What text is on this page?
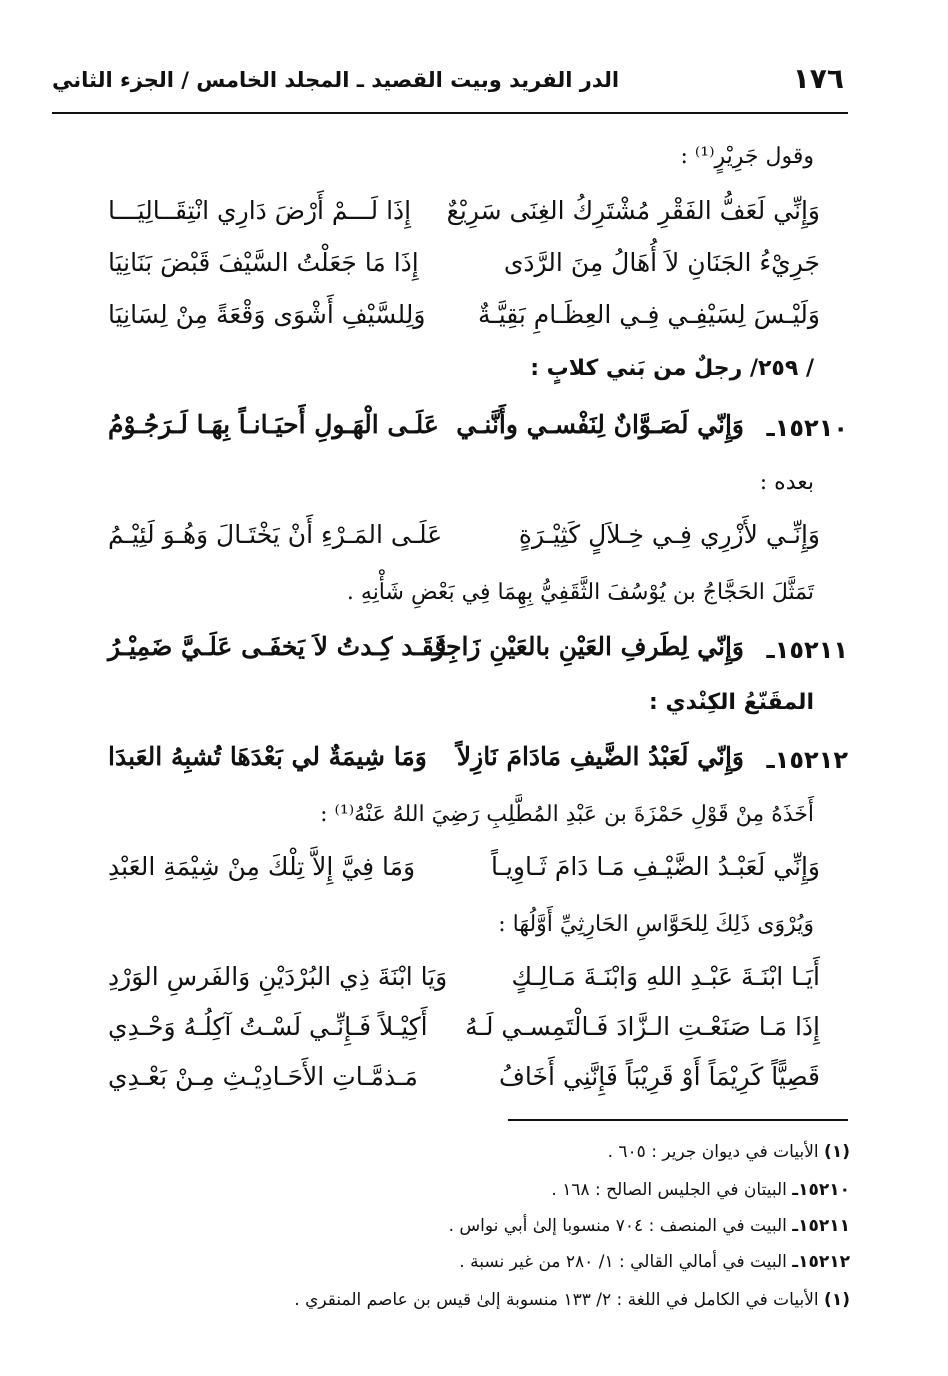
١٧٦
الدر الفريد وبيت القصيد ـ المجلد الخامس / الجزء الثاني
وقول جَرِيْرٍ⁽¹⁾ :
وَإِنِّي لَعَفُّ الفَقْرِ مُشْتَرِكُ الغِنَى سَرِيْعٌ
إِذَا لَـــمْ أَرْضَ دَارِي انْتِقَــالِيَـــا
جَرِيْءُ الجَنَانِ لاَ أُهَالُ مِنَ الرَّدَى
إِذَا مَا جَعَلْتُ السَّيْفَ قَبْضَ بَنَانِيَا
وَلَيْـسَ لِسَيْفِـي فِـي العِظَـامِ بَقِيَّـةٌ
وَلِلسَّيْفِ أَشْوَى وَقْعَةً مِنْ لِسَانِيَا
/ ٢٥٩/ رجلٌ من بَني كلابٍ :
١٥٢١٠ـ
وَإِنّي لَصَـوَّانٌ لِنَفْسـي وأَنَّنـي
عَلَـى الْهَـولِ أَحيَـانـاً بِهَـا لَـرَجُـوْمُ
بعده :
وَإِنِّـي لأَزْرِي فِـي خِـلاَلٍ كَثِيْـرَةٍ
عَلَـى المَـرْءِ أَنْ يَخْتَـالَ وَهُـوَ لَئِيْـمُ
تَمَثَّلَ الحَجَّاجُ بن يُوْسُفَ الثَّقَفِيُّ بِهِمَا فِي بَعْضِ شَأْنِهِ .
١٥٢١١ـ
وَإِنّي لِطَرفِ العَيْنِ بالعَيْنِ زَاجِرٌ
فَقَـد كِـدتُ لاَ يَخفَـى عَلَـيَّ ضَمِيْـرُ
المقَنّعُ الكِنْدي :
١٥٢١٢ـ
وَإِنّي لَعَبْدُ الضَّيفِ مَادَامَ نَازِلاً
وَمَا شِيمَةٌ لي بَعْدَهَا تُشبِهُ العَبدَا
أَخَذَهُ مِنْ قَوْلِ حَمْزَةَ بن عَبْدِ المُطَّلِبِ رَضِيَ اللهُ عَنْهُ⁽¹⁾ :
وَإِنِّي لَعَبْـدُ الضَّيْـفِ مَـا دَامَ ثَـاوِيـاً
وَمَا فِيَّ إِلاَّ تِلْكَ مِنْ شِيْمَةِ العَبْدِ
وَيُرْوَى ذَلِكَ لِلحَوَّاسِ الحَارِثِيِّ أَوَّلُهَا :
أَيَـا ابْنَـةَ عَبْـدِ اللهِ وَابْنَـةَ مَـالِـكٍ
وَيَا ابْنَةَ ذِي البُرْدَيْنِ وَالفَرسِ الوَرْدِ
إِذَا مَـا صَنَعْـتِ الـزَّادَ فَـالْتَمِسـي لَـهُ
أَكِيْـلاً فَـإِنِّـي لَسْـتُ آكِلُـهُ وَحْـدِي
قَصِيًّاً كَرِيْمَاً أَوْ قَرِيْبَاً فَإِنَّنِي أَخَافُ
مَـذمَّـاتِ الأَحَـادِيْـثِ مِـنْ بَعْـدِي
(١) الأبيات في ديوان جرير : ٦٠٥ .
١٥٢١٠ـ البيتان في الجليس الصالح : ١٦٨ .
١٥٢١١ـ البيت في المنصف : ٧٠٤ منسوبا إلىٰ أبي نواس .
١٥٢١٢ـ البيت في أمالي القالي : ١/ ٢٨٠ من غير نسبة .
(١) الأبيات في الكامل في اللغة : ٢/ ١٣٣ منسوبة إلىٰ قيس بن عاصم المنقري .
